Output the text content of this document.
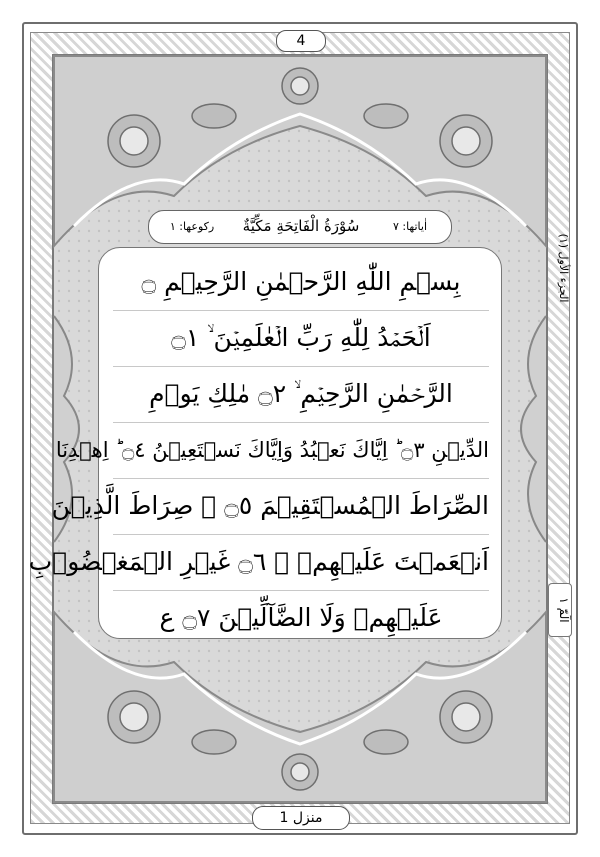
4
الجزء الأول (١)
الٓمّٓ ١
رکوعھا: ١	سُوْرَةُ الْفَاتِحَةِ مَكِّيَّةٌ	اٰیاتھا: ٧
بِسۡمِ اللّٰهِ الرَّحۡمٰنِ الرَّحِيۡمِ ۝
اَلۡحَمۡدُ لِلّٰهِ رَبِّ الۡعٰلَمِيۡنَ ۙ ۝١
الرَّحۡمٰنِ الرَّحِيۡمِ ۙ ۝٢ مٰلِكِ يَوۡمِ
الدِّيۡنِ ۝٣ ؕ اِيَّاكَ نَعۡبُدُ وَاِيَّاكَ نَسۡتَعِيۡنُ ۝٤ ؕ اِهۡدِنَا
الصِّرَاطَ الۡمُسۡتَقِيۡمَ ۝٥ ۙ صِرَاطَ الَّذِيۡنَ
اَنۡعَمۡتَ عَلَيۡهِمۡ ۙ ۝٦ غَيۡرِ الۡمَغۡضُوۡبِ
عَلَيۡهِمۡ وَلَا الضَّآلِّيۡنَ ۝٧ ع
منزل 1
